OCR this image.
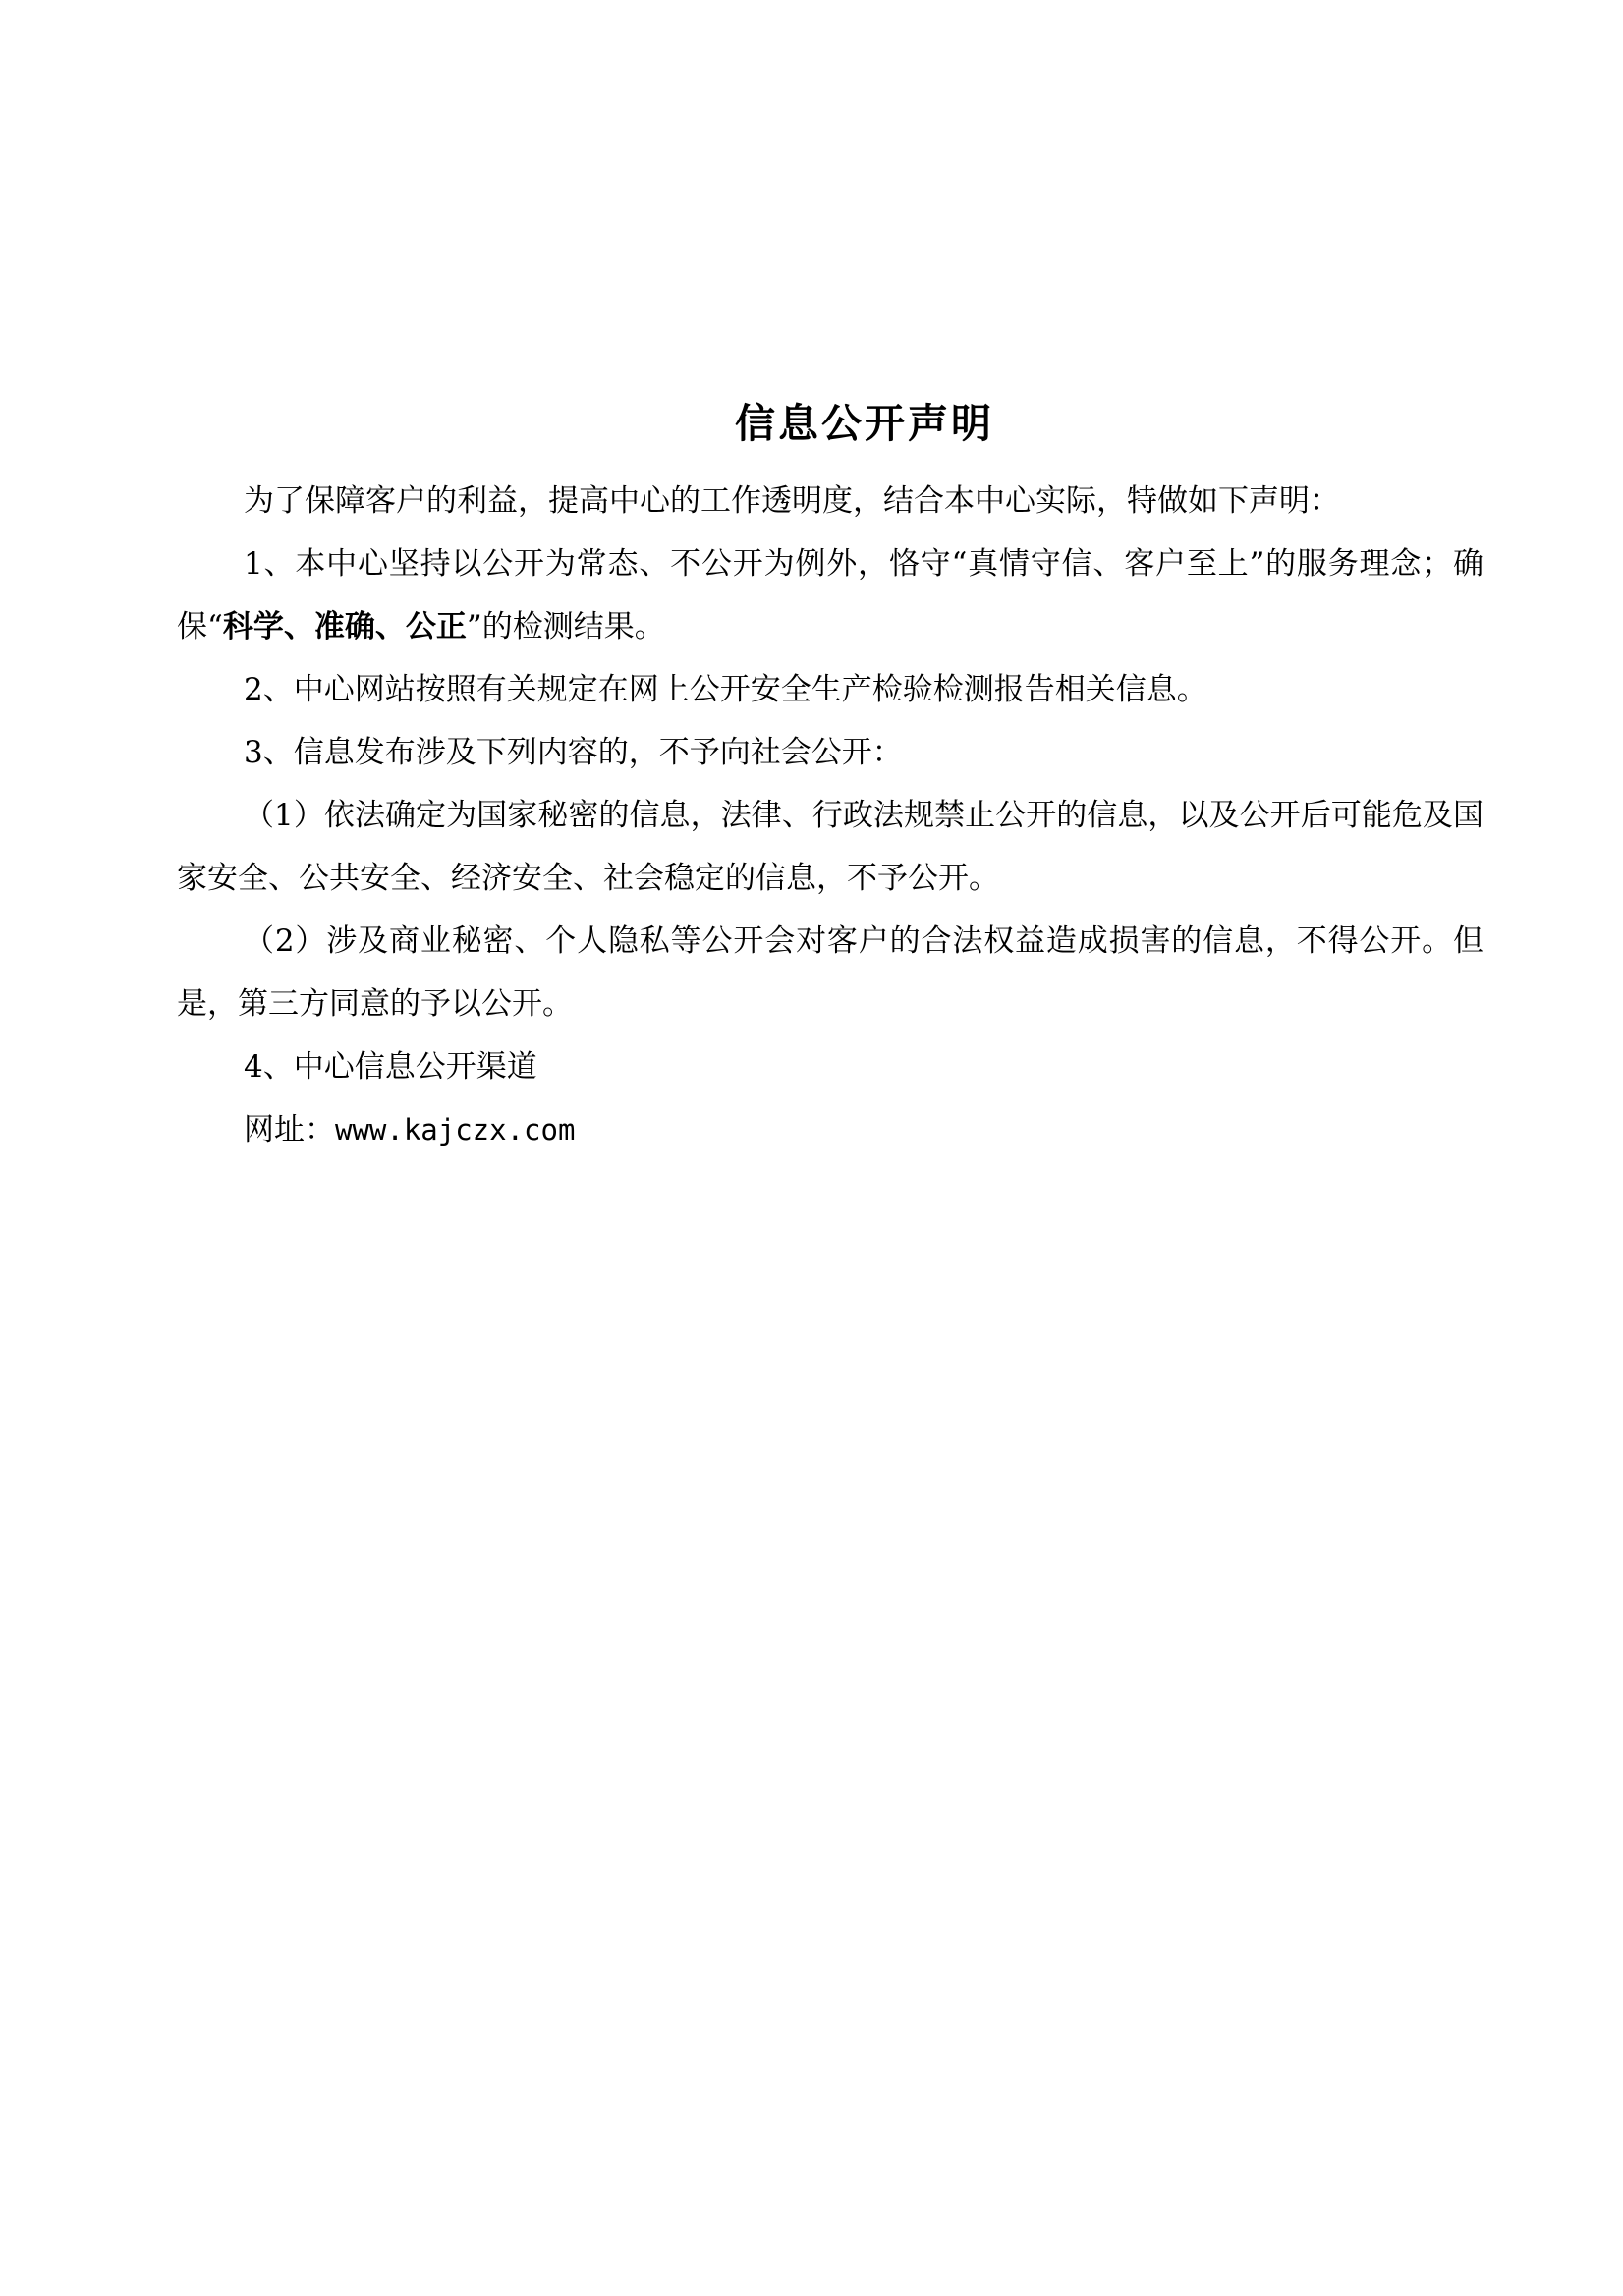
信息公开声明

为了保障客户的利益，提高中心的工作透明度，结合本中心实际，特做如下声明：

1、本中心坚持以公开为常态、不公开为例外，恪守“真情守信、客户至上”的服务理念；确保“科学、准确、公正”的检测结果。

2、中心网站按照有关规定在网上公开安全生产检验检测报告相关信息。

3、信息发布涉及下列内容的，不予向社会公开：

（1）依法确定为国家秘密的信息，法律、行政法规禁止公开的信息，以及公开后可能危及国家安全、公共安全、经济安全、社会稳定的信息，不予公开。

（2）涉及商业秘密、个人隐私等公开会对客户的合法权益造成损害的信息，不得公开。但是，第三方同意的予以公开。

4、中心信息公开渠道

网址：www.kajczx.com
